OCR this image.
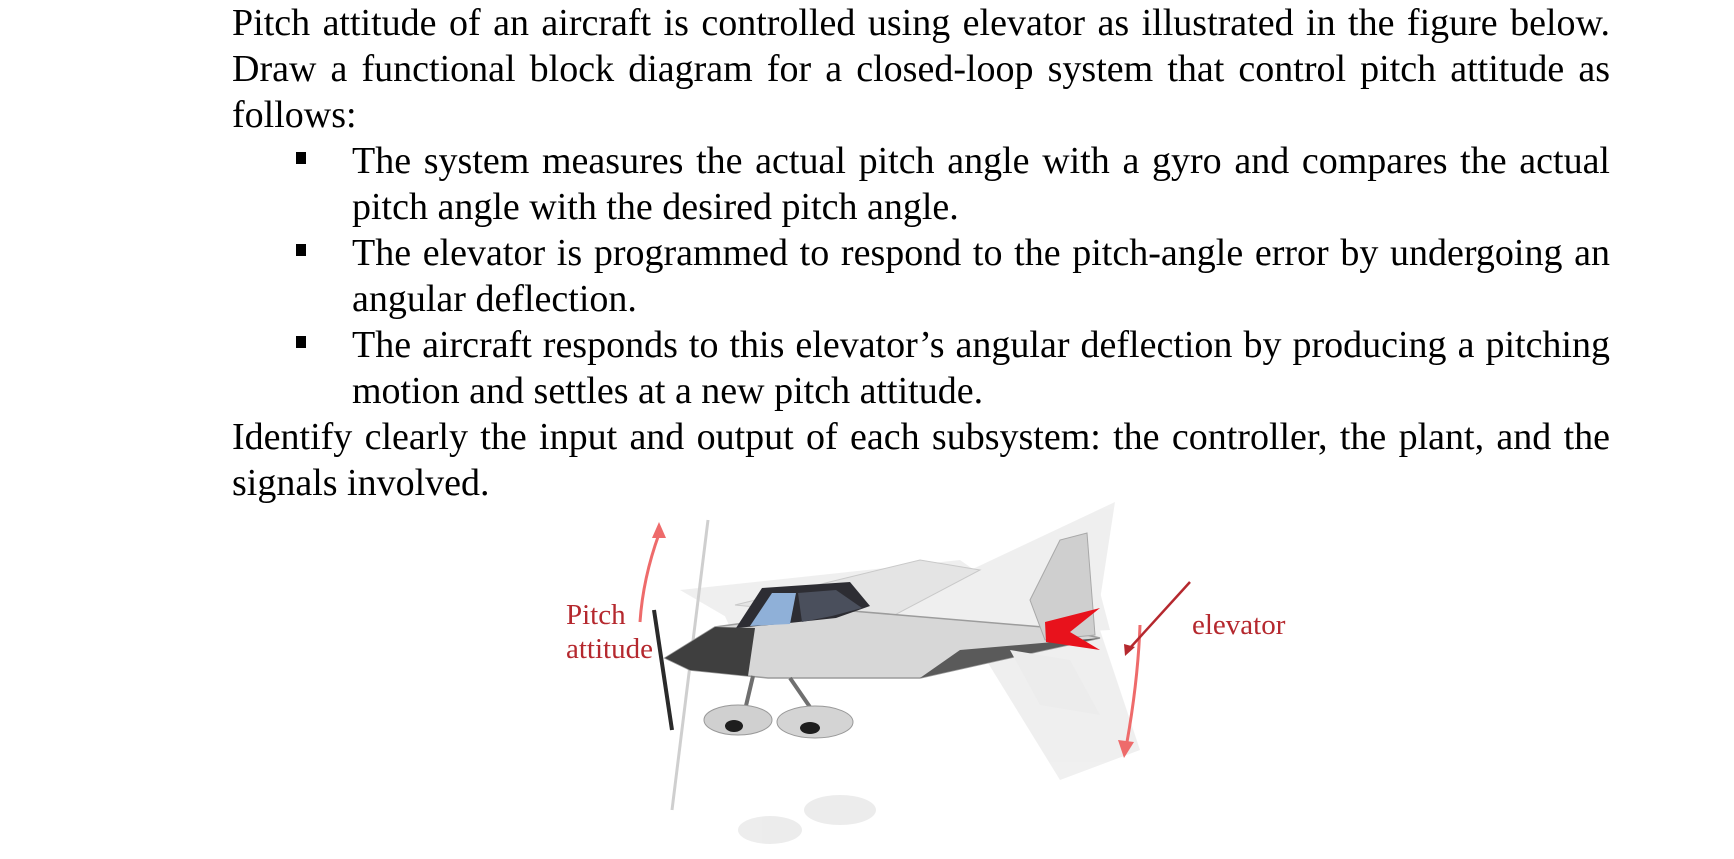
Pitch attitude of an aircraft is controlled using elevator as illustrated in the figure below. Draw a functional block diagram for a closed-loop system that control pitch attitude as follows:

The system measures the actual pitch angle with a gyro and compares the actual pitch angle with the desired pitch angle.
The elevator is programmed to respond to the pitch-angle error by undergoing an angular deflection.
The aircraft responds to this elevator’s angular deflection by producing a pitching motion and settles at a new pitch attitude.

Identify clearly the input and output of each subsystem: the controller, the plant, and the signals involved.

Pitch
attitude
elevator
